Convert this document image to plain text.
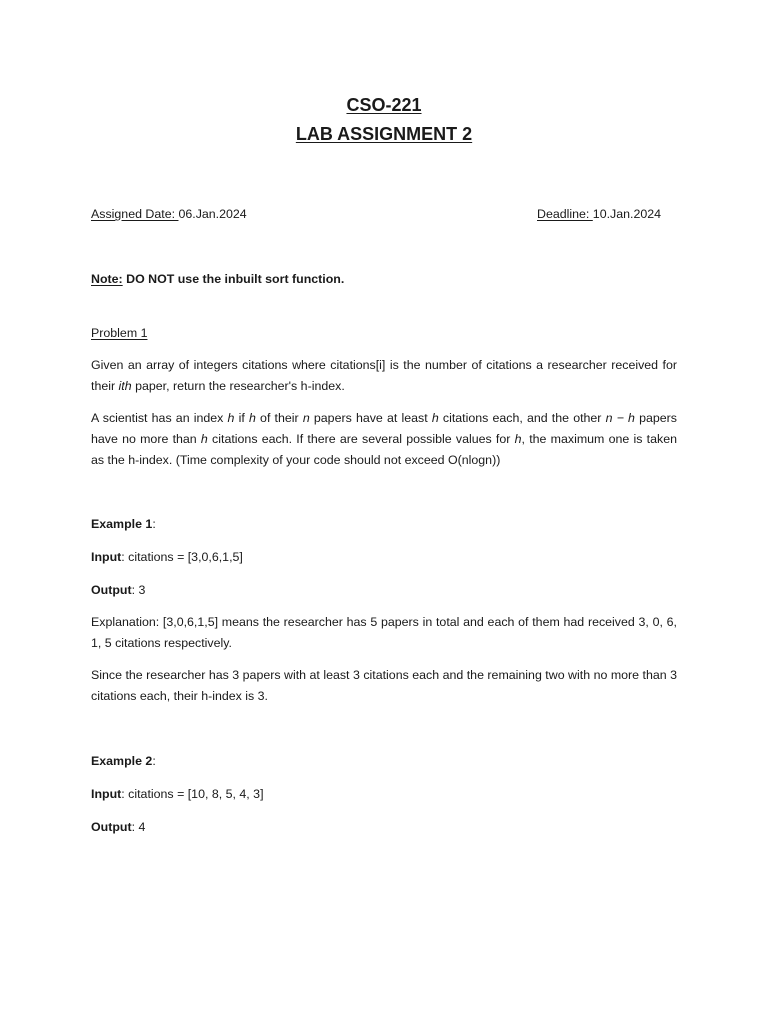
CSO-221
LAB ASSIGNMENT 2
Assigned Date: 06.Jan.2024	Deadline: 10.Jan.2024
Note: DO NOT use the inbuilt sort function.
Problem 1
Given an array of integers citations where citations[i] is the number of citations a researcher received for their ith paper, return the researcher's h-index.
A scientist has an index h if h of their n papers have at least h citations each, and the other n − h papers have no more than h citations each. If there are several possible values for h, the maximum one is taken as the h-index. (Time complexity of your code should not exceed O(nlogn))
Example 1:
Input: citations = [3,0,6,1,5]
Output: 3
Explanation: [3,0,6,1,5] means the researcher has 5 papers in total and each of them had received 3, 0, 6, 1, 5 citations respectively.
Since the researcher has 3 papers with at least 3 citations each and the remaining two with no more than 3 citations each, their h-index is 3.
Example 2:
Input: citations = [10, 8, 5, 4, 3]
Output: 4
